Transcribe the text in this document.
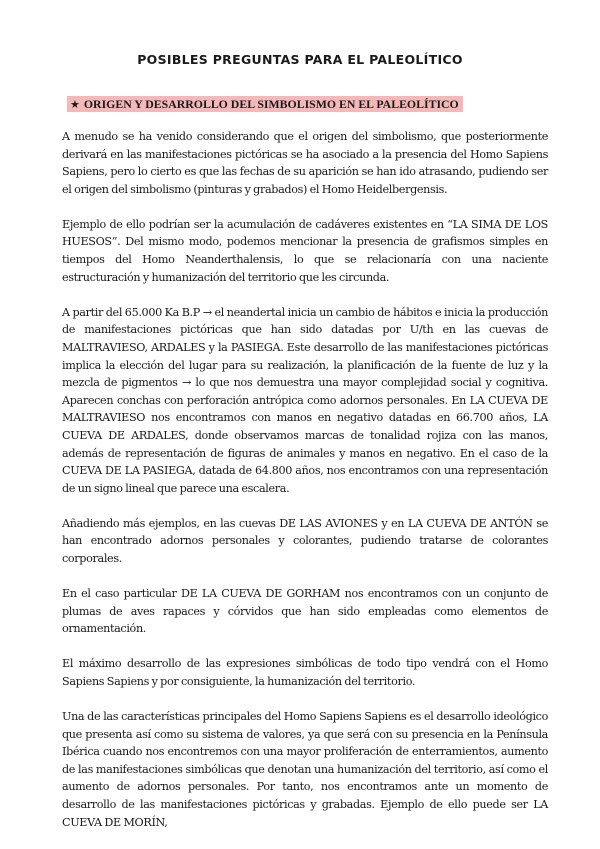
POSIBLES PREGUNTAS PARA EL PALEOLÍTICO
★ ORIGEN Y DESARROLLO DEL SIMBOLISMO EN EL PALEOLÍTICO

A menudo se ha venido considerando que el origen del simbolismo, que posteriormente derivará en las manifestaciones pictóricas se ha asociado a la presencia del Homo Sapiens Sapiens, pero lo cierto es que las fechas de su aparición se han ido atrasando, pudiendo ser el origen del simbolismo (pinturas y grabados) el Homo Heidelbergensis.

Ejemplo de ello podrían ser la acumulación de cadáveres existentes en “LA SIMA DE LOS HUESOS”. Del mismo modo, podemos mencionar la presencia de grafismos simples en tiempos del Homo Neanderthalensis, lo que se relacionaría con una naciente estructuración y humanización del territorio que les circunda.

A partir del 65.000 Ka B.P → el neandertal inicia un cambio de hábitos e inicia la producción de manifestaciones pictóricas que han sido datadas por U/th en las cuevas de MALTRAVIESO, ARDALES y la PASIEGA. Este desarrollo de las manifestaciones pictóricas implica la elección del lugar para su realización, la planificación de la fuente de luz y la mezcla de pigmentos → lo que nos demuestra una mayor complejidad social y cognitiva. Aparecen conchas con perforación antrópica como adornos personales. En LA CUEVA DE MALTRAVIESO nos encontramos con manos en negativo datadas en 66.700 años, LA CUEVA DE ARDALES, donde observamos marcas de tonalidad rojiza con las manos, además de representación de figuras de animales y manos en negativo. En el caso de la CUEVA DE LA PASIEGA, datada de 64.800 años, nos encontramos con una representación de un signo lineal que parece una escalera.

Añadiendo más ejemplos, en las cuevas DE LAS AVIONES y en LA CUEVA DE ANTÓN se han encontrado adornos personales y colorantes, pudiendo tratarse de colorantes corporales.

En el caso particular DE LA CUEVA DE GORHAM nos encontramos con un conjunto de plumas de aves rapaces y córvidos que han sido empleadas como elementos de ornamentación.

El máximo desarrollo de las expresiones simbólicas de todo tipo vendrá con el Homo Sapiens Sapiens y por consiguiente, la humanización del territorio.

Una de las características principales del Homo Sapiens Sapiens es el desarrollo ideológico que presenta así como su sistema de valores, ya que será con su presencia en la Península Ibérica cuando nos encontremos con una mayor proliferación de enterramientos, aumento de las manifestaciones simbólicas que denotan una humanización del territorio, así como el aumento de adornos personales. Por tanto, nos encontramos ante un momento de desarrollo de las manifestaciones pictóricas y grabadas. Ejemplo de ello puede ser LA CUEVA DE MORÍN,
